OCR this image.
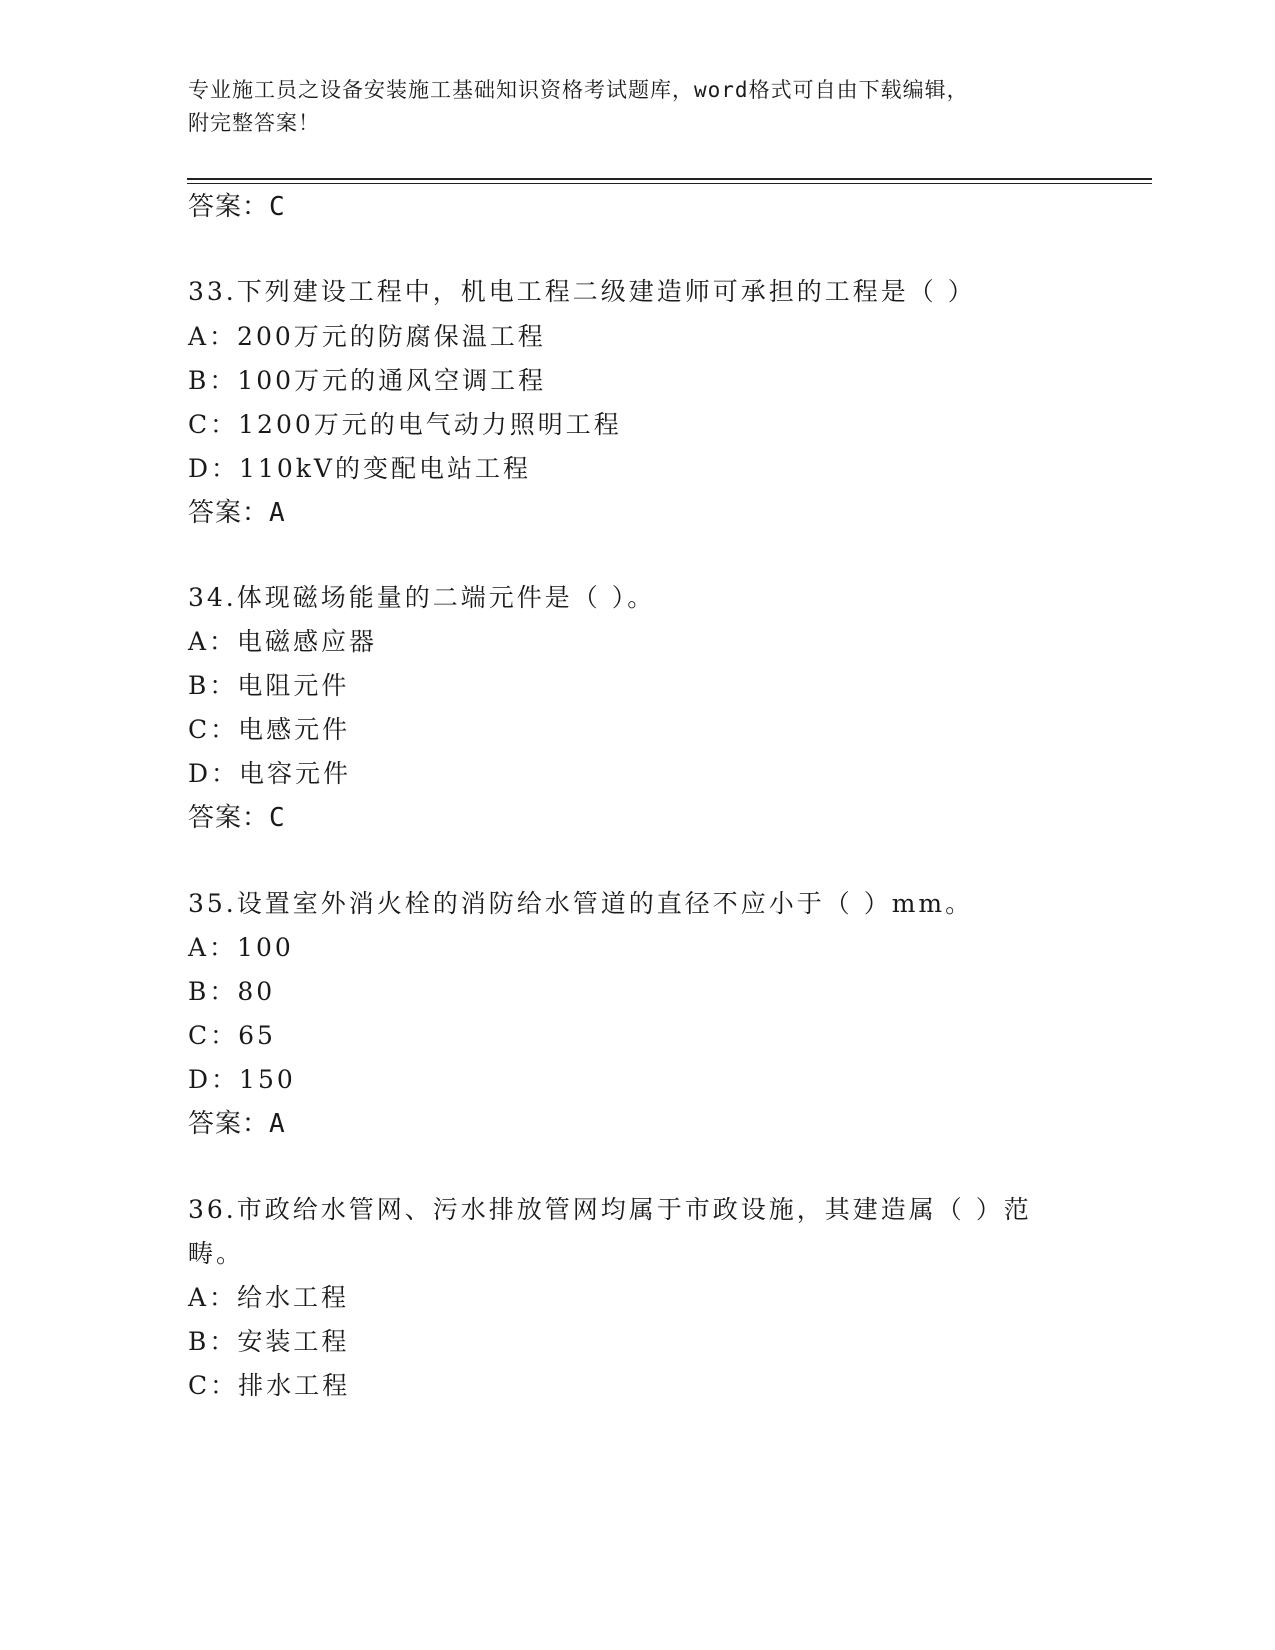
专业施工员之设备安装施工基础知识资格考试题库，word格式可自由下载编辑，
附完整答案！
答案：C
33.下列建设工程中，机电工程二级建造师可承担的工程是（ ）
A：200万元的防腐保温工程
B：100万元的通风空调工程
C：1200万元的电气动力照明工程
D：110kV的变配电站工程
答案：A
34.体现磁场能量的二端元件是（ ）。
A：电磁感应器
B：电阻元件
C：电感元件
D：电容元件
答案：C
35.设置室外消火栓的消防给水管道的直径不应小于（ ）mm。
A：100
B：80
C：65
D：150
答案：A
36.市政给水管网、污水排放管网均属于市政设施，其建造属（ ）范
畴。
A：给水工程
B：安装工程
C：排水工程
